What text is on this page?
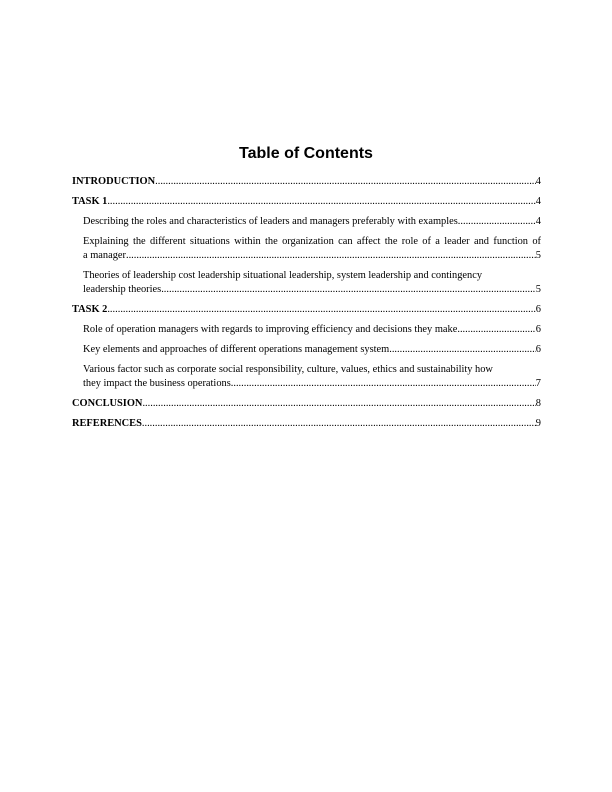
Table of Contents
INTRODUCTION .....	4
TASK 1 .....	4
Describing the roles and characteristics of leaders and managers preferably with examples .....	4
Explaining the different situations within the organization can affect the role of a leader and function of
a manager .....	5
Theories of leadership cost leadership situational leadership, system leadership and contingency
leadership theories .....	5
TASK 2 .....	6
Role of operation managers with regards to improving efficiency and decisions they make .....	6
Key elements and approaches of different operations management system .....	6
Various factor such as corporate social responsibility, culture, values, ethics and sustainability how
they impact the business operations .....	7
CONCLUSION .....	8
REFERENCES .....	9
